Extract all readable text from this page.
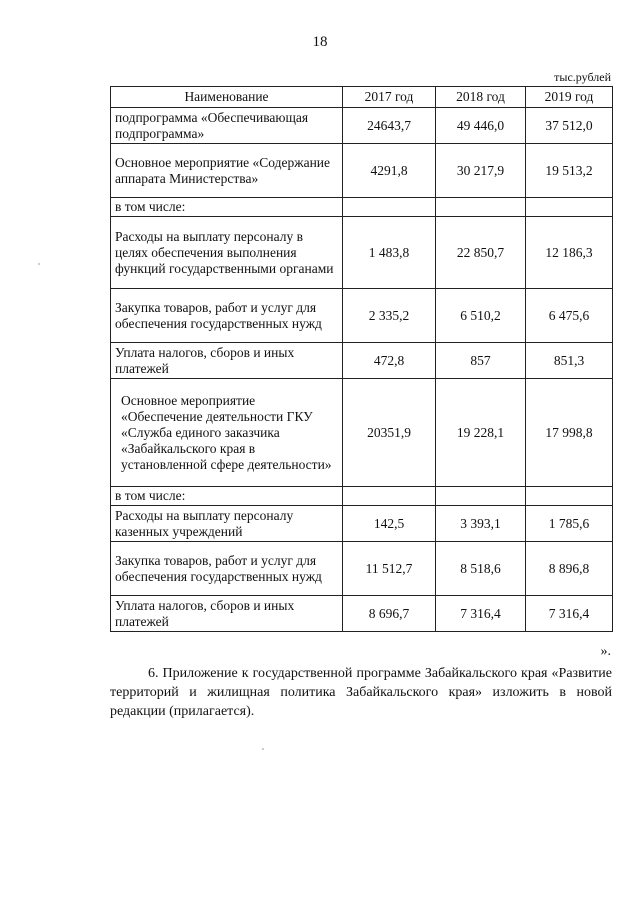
18
тыс.рублей
Наименование	2017 год	2018 год	2019 год
подпрограмма «Обеспечивающая подпрограмма»	24643,7	49 446,0	37 512,0
Основное мероприятие «Содержание аппарата Министерства»	4291,8	30 217,9	19 513,2
в том числе:			
Расходы на выплату персоналу в целях обеспечения выполнения функций государственными органами	1 483,8	22 850,7	12 186,3
Закупка товаров, работ и услуг для обеспечения государственных нужд	2 335,2	6 510,2	6 475,6
Уплата налогов, сборов и иных платежей	472,8	857	851,3
Основное мероприятие «Обеспечение деятельности ГКУ «Служба единого заказчика «Забайкальского края в установленной сфере деятельности»	20351,9	19 228,1	17 998,8
в том числе:			
Расходы на выплату персоналу казенных учреждений	142,5	3 393,1	1 785,6
Закупка товаров, работ и услуг для обеспечения государственных нужд	11 512,7	8 518,6	8 896,8
Уплата налогов, сборов и иных платежей	8 696,7	7 316,4	7 316,4
».
6. Приложение к государственной программе Забайкальского края «Развитие территорий и жилищная политика Забайкальского края» изложить в новой редакции (прилагается).
